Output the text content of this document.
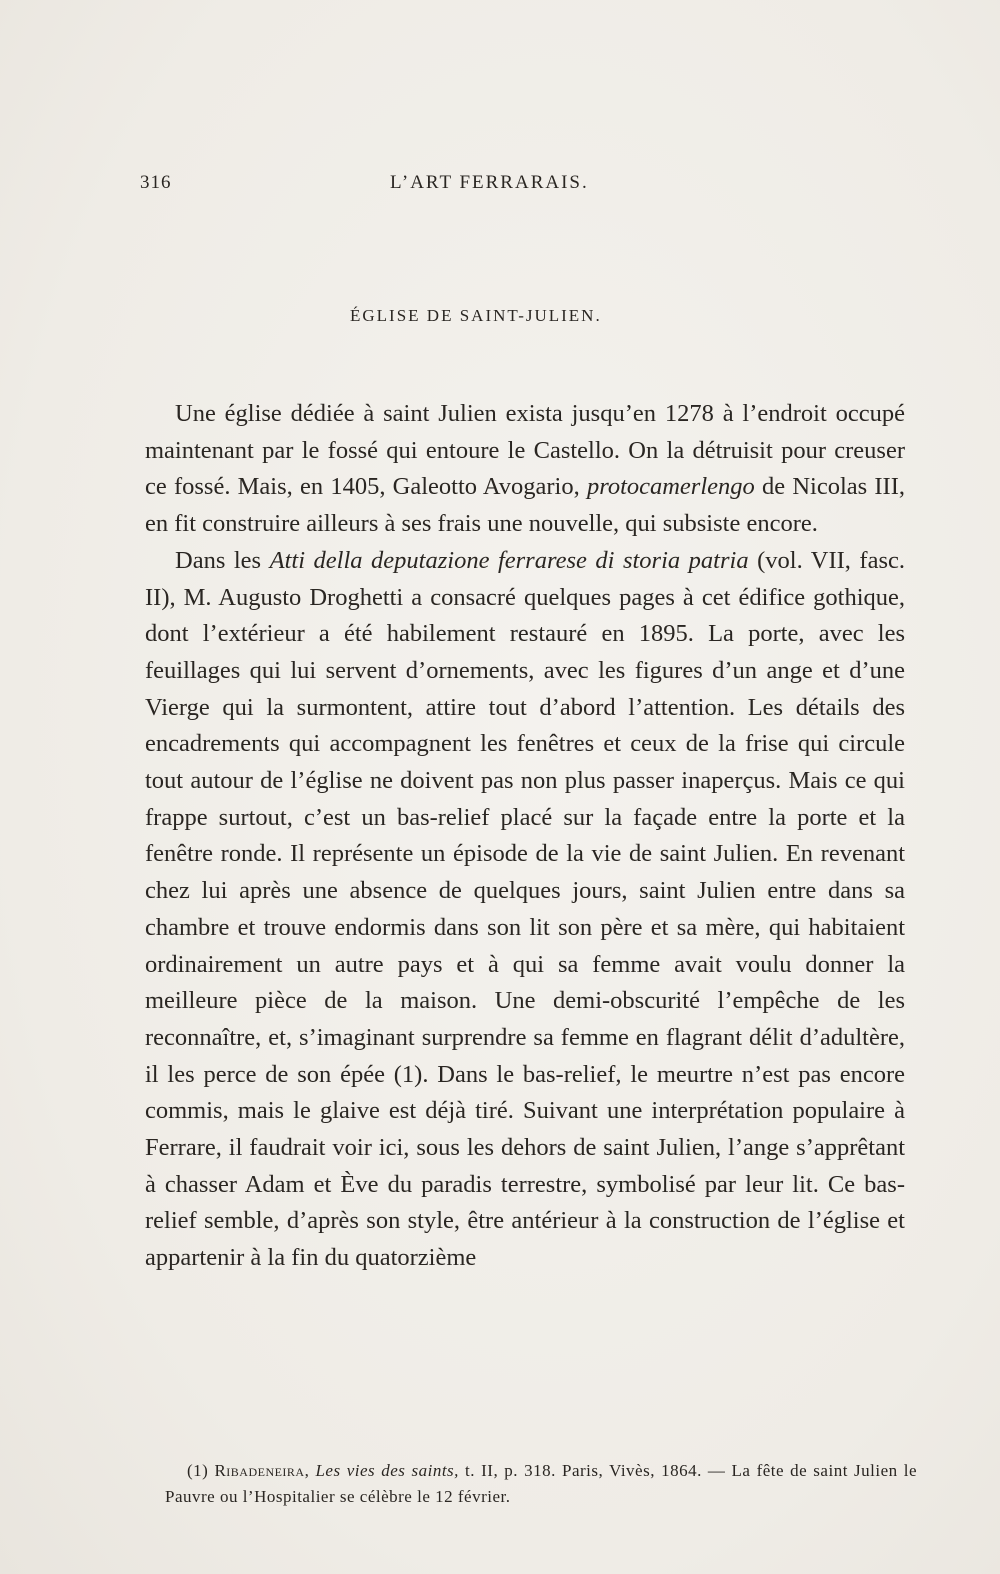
316	L’ART FERRARAIS.
ÉGLISE DE SAINT-JULIEN.

Une église dédiée à saint Julien exista jusqu’en 1278 à l’endroit occupé maintenant par le fossé qui entoure le Castello. On la détruisit pour creuser ce fossé. Mais, en 1405, Galeotto Avogario, protocamerlengo de Nicolas III, en fit construire ailleurs à ses frais une nouvelle, qui subsiste encore.

Dans les Atti della deputazione ferrarese di storia patria (vol. VII, fasc. II), M. Augusto Droghetti a consacré quelques pages à cet édifice gothique, dont l’extérieur a été habilement restauré en 1895. La porte, avec les feuillages qui lui servent d’ornements, avec les figures d’un ange et d’une Vierge qui la surmontent, attire tout d’abord l’attention. Les détails des encadrements qui accompagnent les fenêtres et ceux de la frise qui circule tout autour de l’église ne doivent pas non plus passer inaperçus. Mais ce qui frappe surtout, c’est un bas-relief placé sur la façade entre la porte et la fenêtre ronde. Il représente un épisode de la vie de saint Julien. En revenant chez lui après une absence de quelques jours, saint Julien entre dans sa chambre et trouve endormis dans son lit son père et sa mère, qui habitaient ordinairement un autre pays et à qui sa femme avait voulu donner la meilleure pièce de la maison. Une demi-obscurité l’empêche de les reconnaître, et, s’imaginant surprendre sa femme en flagrant délit d’adultère, il les perce de son épée (1). Dans le bas-relief, le meurtre n’est pas encore commis, mais le glaive est déjà tiré. Suivant une interprétation populaire à Ferrare, il faudrait voir ici, sous les dehors de saint Julien, l’ange s’apprêtant à chasser Adam et Ève du paradis terrestre, symbolisé par leur lit. Ce bas-relief semble, d’après son style, être antérieur à la construction de l’église et appartenir à la fin du quatorzième

(1) Ribadeneira, Les vies des saints, t. II, p. 318. Paris, Vivès, 1864. — La fête de saint Julien le Pauvre ou l’Hospitalier se célèbre le 12 février.
